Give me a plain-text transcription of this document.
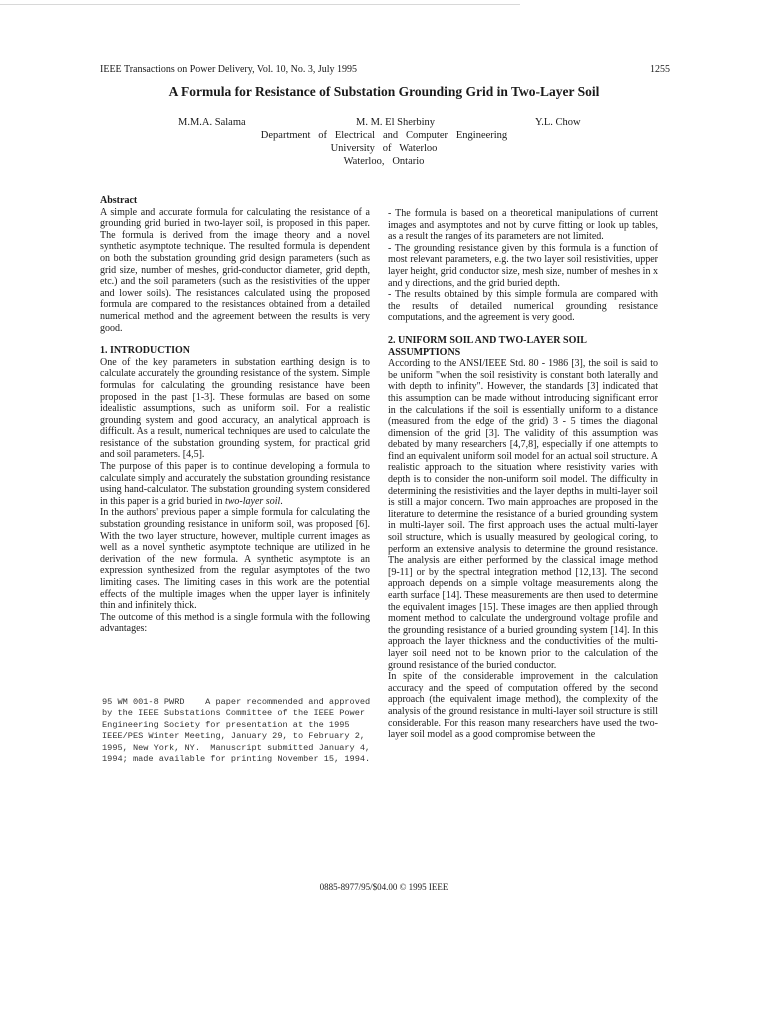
IEEE Transactions on Power Delivery, Vol. 10, No. 3, July 1995	1255
A Formula for Resistance of Substation Grounding Grid in Two-Layer Soil
M.M.A. Salama	M. M. El Sherbiny	Y.L. Chow
Department   of   Electrical   and   Computer   Engineering
University   of   Waterloo
Waterloo,   Ontario

Abstract

A simple and accurate formula for calculating the resistance of a grounding grid buried in two-layer soil, is proposed in this paper. The formula is derived from the image theory and a novel synthetic asymptote technique. The resulted formula is dependent on both the substation grounding grid design parameters (such as grid size, number of meshes, grid-conductor diameter, grid depth, etc.) and the soil parameters (such as the resistivities of the upper and lower soils). The resistances calculated using the proposed formula are compared to the resistances obtained from a detailed numerical method and the agreement between the results is very good.

1. INTRODUCTION

One of the key parameters in substation earthing design is to calculate accurately the grounding resistance of the system. Simple formulas for calculating the grounding resistance have been proposed in the past [1-3]. These formulas are based on some idealistic assumptions, such as uniform soil. For a realistic grounding system and good accuracy, an analytical approach is difficult. As a result, numerical techniques are used to calculate the resistance of the substation grounding system, for practical grid and soil parameters. [4,5].

The purpose of this paper is to continue developing a formula to calculate simply and accurately the substation grounding resistance using hand-calculator. The substation grounding system considered in this paper is a grid buried in two-layer soil.

In the authors' previous paper a simple formula for calculating the substation grounding resistance in uniform soil, was proposed [6]. With the two layer structure, however, multiple current images as well as a novel synthetic asymptote technique are utilized in he derivation of the new formula. A synthetic asymptote is an expression synthesized from the regular asymptotes of the two limiting cases. The limiting cases in this work are the potential effects of the multiple images when the upper layer is infinitely thin and infinitely thick.

The outcome of this method is a single formula with the following advantages:

95 WM 001-8 PWRD    A paper recommended and approved
by the IEEE Substations Committee of the IEEE Power
Engineering Society for presentation at the 1995
IEEE/PES Winter Meeting, January 29, to February 2,
1995, New York, NY.  Manuscript submitted January 4,
1994; made available for printing November 15, 1994.

- The formula is based on a theoretical manipulations of current images and asymptotes and not by curve fitting or look up tables, as a result the ranges of its parameters are not limited.

- The grounding resistance given by this formula is a function of most relevant parameters, e.g. the two layer soil resistivities, upper layer height, grid conductor size, mesh size, number of meshes in x and y directions, and the grid buried depth.

- The results obtained by this simple formula are compared with the results of detailed numerical grounding resistance computations, and the agreement is very good.

2. UNIFORM SOIL AND TWO-LAYER SOIL ASSUMPTIONS

According to the ANSI/IEEE Std. 80 - 1986 [3], the soil is said to be uniform "when the soil resistivity is constant both laterally and with depth to infinity". However, the standards [3] indicated that this assumption can be made without introducing significant error in the calculations if the soil is essentially uniform to a distance (measured from the edge of the grid) 3 - 5 times the diagonal dimension of the grid [3]. The validity of this assumption was debated by many researchers [4,7,8], especially if one attempts to find an equivalent uniform soil model for an actual soil structure. A realistic approach to the situation where resistivity varies with depth is to consider the non-uniform soil model. The difficulty in determining the resistivities and the layer depths in multi-layer soil is still a major concern. Two main approaches are proposed in the literature to determine the resistance of a buried grounding system in multi-layer soil. The first approach uses the actual multi-layer soil structure, which is usually measured by geological coring, to perform an extensive analysis to determine the ground resistance. The analysis are either performed by the classical image method [9-11] or by the spectral integration method [12,13]. The second approach depends on a simple voltage measurements along the earth surface [14]. These measurements are then used to determine the equivalent images [15]. These images are then applied through moment method to calculate the underground voltage profile and the grounding resistance of a buried grounding system [14]. In this approach the layer thickness and the conductivities of the multi-layer soil need not to be known prior to the calculation of the ground resistance of the buried conductor.

In spite of the considerable improvement in the calculation accuracy and the speed of computation offered by the second approach (the equivalent image method), the complexity of the analysis of the ground resistance in multi-layer soil structure is still considerable. For this reason many researchers have used the two-layer soil model as a good compromise between the

0885-8977/95/$04.00 © 1995 IEEE
